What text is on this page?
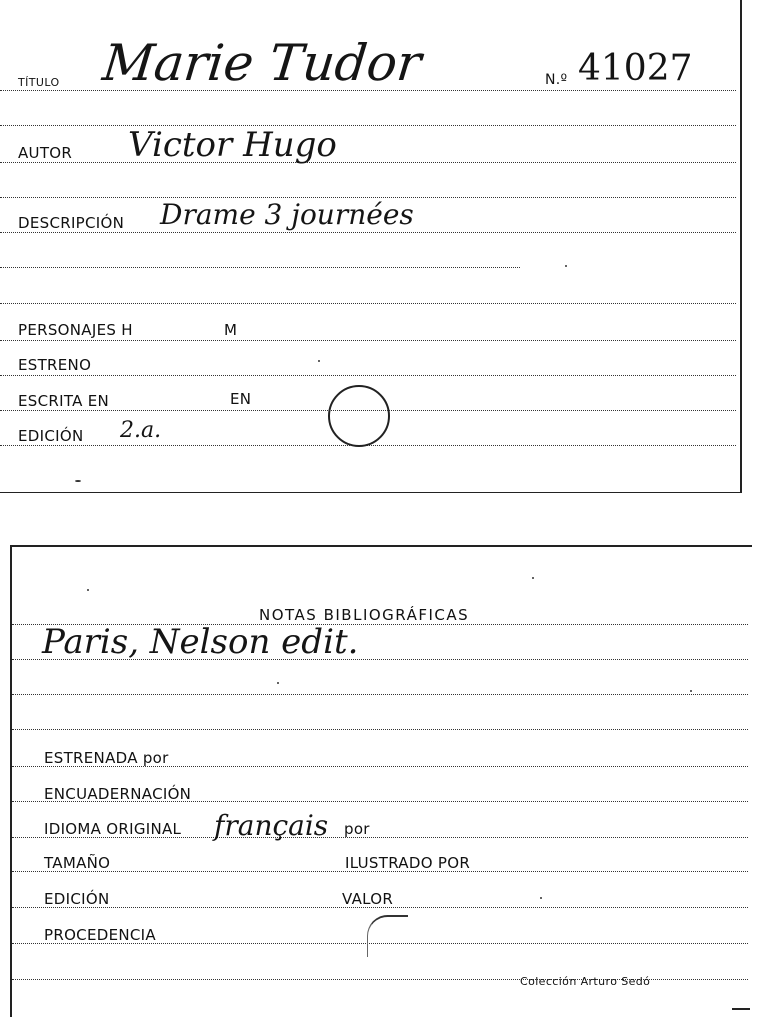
TÍTULO Marie Tudor	N.º 41027
AUTOR Victor Hugo
DESCRIPCIÓN Drame 3 journées
PERSONAJES H	M
ESTRENO
ESCRITA EN	EN
EDICIÓN 2.a.
NOTAS BIBLIOGRÁFICAS
Paris, Nelson edit.
ESTRENADA por
ENCUADERNACIÓN
IDIOMA ORIGINAL français por
TAMAÑO	ILUSTRADO POR
EDICIÓN	VALOR
PROCEDENCIA
Colección Arturo Sedó
